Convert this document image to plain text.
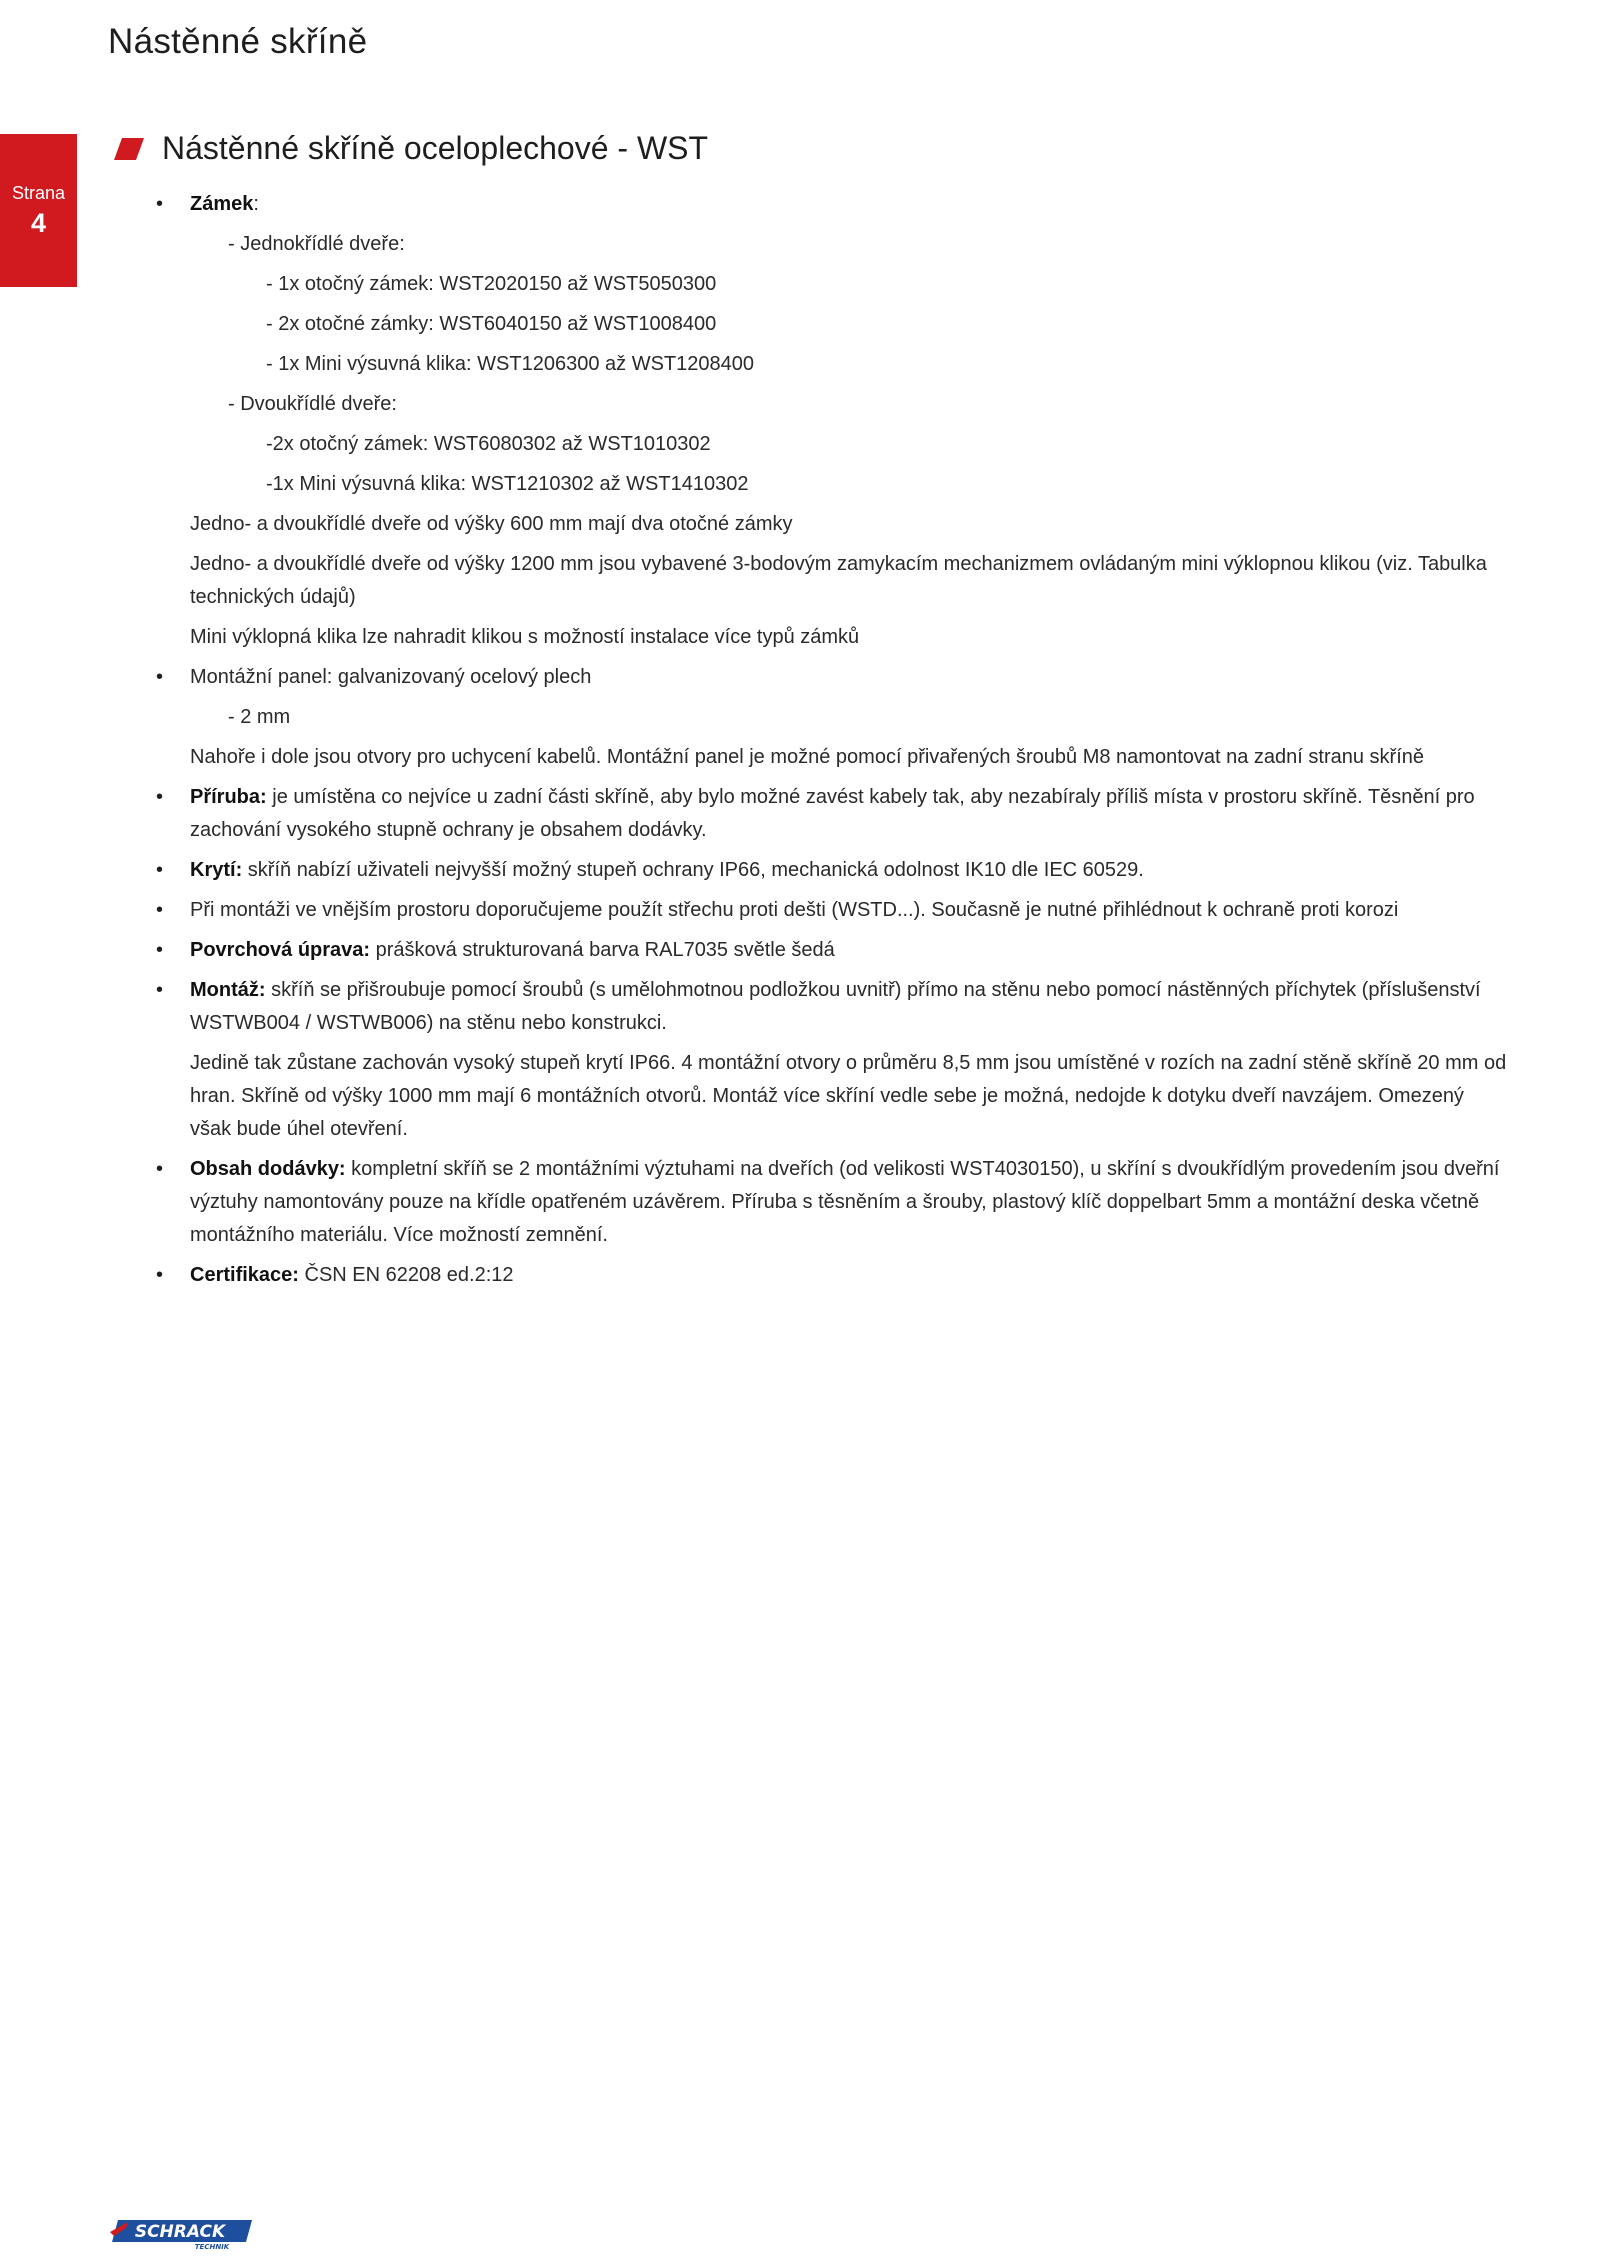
Nástěnné skříně
Strana
4
Nástěnné skříně oceloplechové - WST
• Zámek:

- Jednokřídlé dveře:

- 1x otočný zámek: WST2020150 až WST5050300

- 2x otočné zámky: WST6040150 až WST1008400

- 1x Mini výsuvná klika: WST1206300 až WST1208400

- Dvoukřídlé dveře:

-2x otočný zámek: WST6080302 až WST1010302

-1x Mini výsuvná klika: WST1210302 až WST1410302

Jedno- a dvoukřídlé dveře od výšky 600 mm mají dva otočné zámky

Jedno- a dvoukřídlé dveře od výšky 1200 mm jsou vybavené 3-bodovým zamykacím mechanizmem ovládaným mini výklopnou klikou (viz. Tabulka technických údajů)

Mini výklopná klika lze nahradit klikou s možností instalace více typů zámků

• Montážní panel: galvanizovaný ocelový plech

- 2 mm

Nahoře i dole jsou otvory pro uchycení kabelů. Montážní panel je možné pomocí přivařených šroubů M8 namontovat na zadní stranu skříně

• Příruba: je umístěna co nejvíce u zadní části skříně, aby bylo možné zavést kabely tak, aby nezabíraly příliš místa v prostoru skříně. Těsnění pro zachování vysokého stupně ochrany je obsahem dodávky.

• Krytí: skříň nabízí uživateli nejvyšší možný stupeň ochrany IP66, mechanická odolnost IK10 dle IEC 60529.

• Při montáži ve vnějším prostoru doporučujeme použít střechu proti dešti (WSTD...). Současně je nutné přihlédnout k ochraně proti korozi

• Povrchová úprava: prášková strukturovaná barva RAL7035 světle šedá

• Montáž: skříň se přišroubuje pomocí šroubů (s umělohmotnou podložkou uvnitř) přímo na stěnu nebo pomocí nástěnných příchytek (příslušenství WSTWB004 / WSTWB006) na stěnu nebo konstrukci.

Jedině tak zůstane zachován vysoký stupeň krytí IP66. 4 montážní otvory o průměru 8,5 mm jsou umístěné v rozích na zadní stěně skříně 20 mm od hran. Skříně od výšky 1000 mm mají 6 montážních otvorů. Montáž více skříní vedle sebe je možná, nedojde k dotyku dveří navzájem. Omezený však bude úhel otevření.

• Obsah dodávky: kompletní skříň se 2 montážními výztuhami na dveřích (od velikosti WST4030150), u skříní s dvoukřídlým provedením jsou dveřní výztuhy namontovány pouze na křídle opatřeném uzávěrem. Příruba s těsněním a šrouby, plastový klíč doppelbart 5mm a montážní deska včetně montážního materiálu. Více možností zemnění.

• Certifikace: ČSN EN 62208 ed.2:12

SCHRACK
TECHNIK
